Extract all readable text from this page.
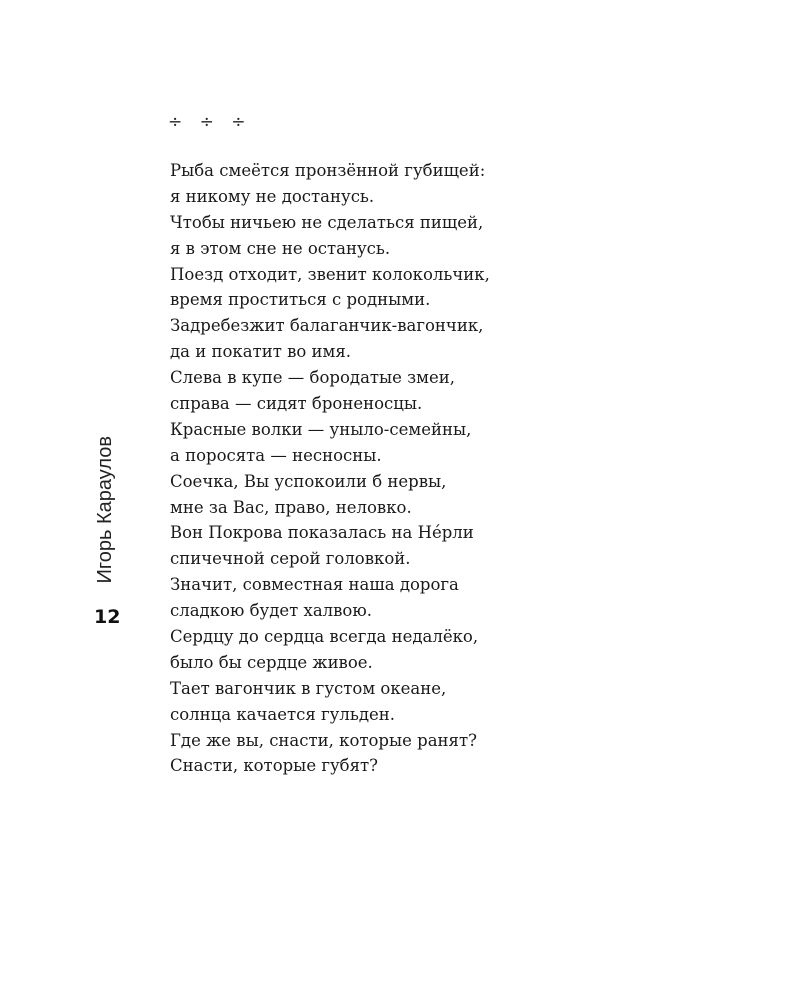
÷ ÷ ÷
Рыба смеётся пронзённой губищей:
я никому не достанусь.
Чтобы ничьею не сделаться пищей,
я в этом сне не останусь.
Поезд отходит, звенит колокольчик,
время проститься с родными.
Задребезжит балаганчик-вагончик,
да и покатит во имя.
Слева в купе — бородатые змеи,
справа — сидят броненосцы.
Красные волки — уныло-семейны,
а поросята — несносны.
Соечка, Вы успокоили б нервы,
мне за Вас, право, неловко.
Вон Покрова показалась на Нéрли
спичечной серой головкой.
Значит, совместная наша дорога
сладкою будет халвою.
Сердцу до сердца всегда недалёко,
было бы сердце живое.
Тает вагончик в густом океане,
солнца качается гульден.
Где же вы, снасти, которые ранят?
Снасти, которые губят?
Игорь Караулов
12
